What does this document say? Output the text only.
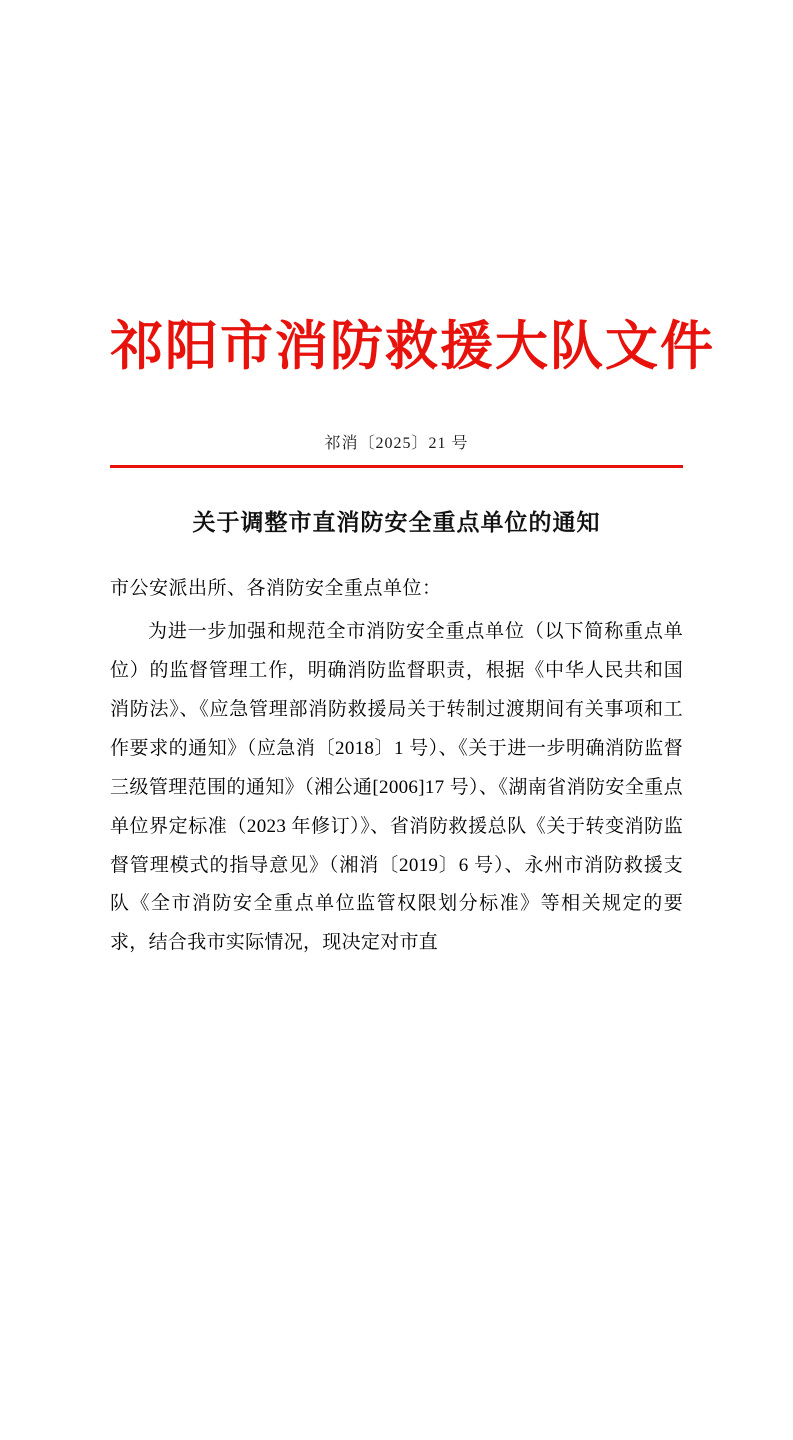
祁阳市消防救援大队文件
祁消〔2025〕21 号
关于调整市直消防安全重点单位的通知
市公安派出所、各消防安全重点单位：

为进一步加强和规范全市消防安全重点单位（以下简称重点单位）的监督管理工作，明确消防监督职责，根据《中华人民共和国消防法》、《应急管理部消防救援局关于转制过渡期间有关事项和工作要求的通知》（应急消〔2018〕1 号）、《关于进一步明确消防监督三级管理范围的通知》（湘公通[2006]17 号）、《湖南省消防安全重点单位界定标准（2023 年修订）》、省消防救援总队《关于转变消防监督管理模式的指导意见》（湘消〔2019〕6 号）、永州市消防救援支队《全市消防安全重点单位监管权限划分标准》等相关规定的要求，结合我市实际情况，现决定对市直
